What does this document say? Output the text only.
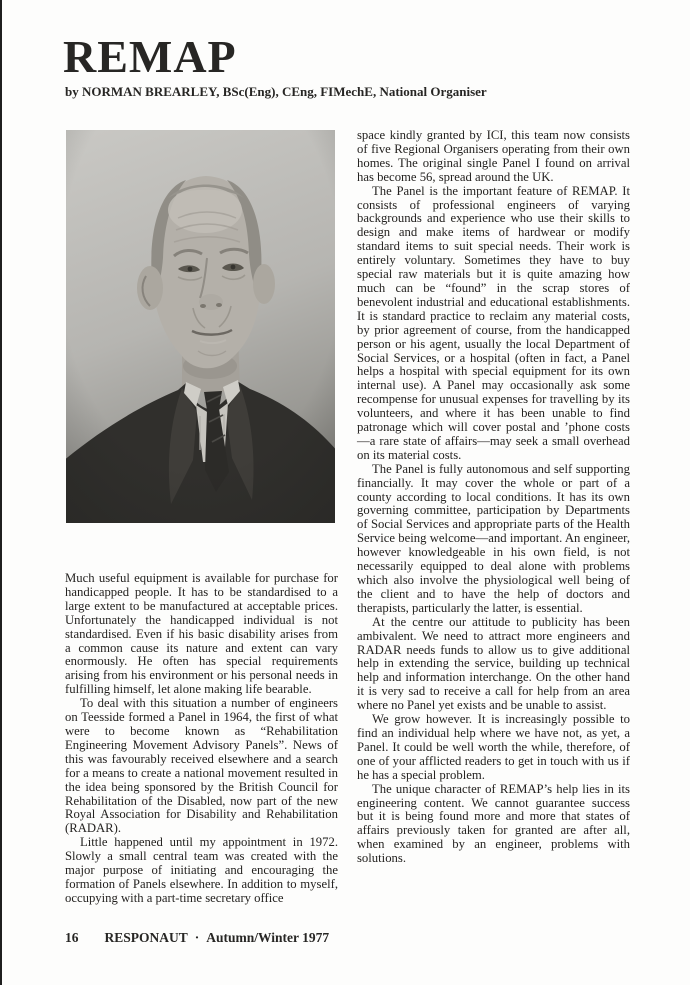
REMAP
by NORMAN BREARLEY, BSc(Eng), CEng, FIMechE, National Organiser

Much useful equipment is available for purchase for handicapped people. It has to be standardised to a large extent to be manufactured at acceptable prices. Unfortunately the handicapped individual is not standardised. Even if his basic disability arises from a common cause its nature and extent can vary enormously. He often has special requirements arising from his environment or his personal needs in fulfilling himself, let alone making life bearable.

To deal with this situation a number of engineers on Teesside formed a Panel in 1964, the first of what were to become known as “Rehabilitation Engineering Movement Advisory Panels”. News of this was favourably received elsewhere and a search for a means to create a national movement resulted in the idea being sponsored by the British Council for Rehabilitation of the Disabled, now part of the new Royal Association for Disability and Rehabilitation (RADAR).

Little happened until my appointment in 1972. Slowly a small central team was created with the major purpose of initiating and encouraging the formation of Panels elsewhere. In addition to myself, occupying with a part-time secretary office

space kindly granted by ICI, this team now consists of five Regional Organisers operating from their own homes. The original single Panel I found on arrival has become 56, spread around the UK.

The Panel is the important feature of REMAP. It consists of professional engineers of varying backgrounds and experience who use their skills to design and make items of hardwear or modify standard items to suit special needs. Their work is entirely voluntary. Sometimes they have to buy special raw materials but it is quite amazing how much can be “found” in the scrap stores of benevolent industrial and educational establishments. It is standard practice to reclaim any material costs, by prior agreement of course, from the handicapped person or his agent, usually the local Department of Social Services, or a hospital (often in fact, a Panel helps a hospital with special equipment for its own internal use). A Panel may occasionally ask some recompense for unusual expenses for travelling by its volunteers, and where it has been unable to find patronage which will cover postal and ’phone costs—a rare state of affairs—may seek a small overhead on its material costs.

The Panel is fully autonomous and self supporting financially. It may cover the whole or part of a county according to local conditions. It has its own governing committee, participation by Departments of Social Services and appropriate parts of the Health Service being welcome—and important. An engineer, however knowledgeable in his own field, is not necessarily equipped to deal alone with problems which also involve the physiological well being of the client and to have the help of doctors and therapists, particularly the latter, is essential.

At the centre our attitude to publicity has been ambivalent. We need to attract more engineers and RADAR needs funds to allow us to give additional help in extending the service, building up technical help and information interchange. On the other hand it is very sad to receive a call for help from an area where no Panel yet exists and be unable to assist.

We grow however. It is increasingly possible to find an individual help where we have not, as yet, a Panel. It could be well worth the while, therefore, of one of your afflicted readers to get in touch with us if he has a special problem.

The unique character of REMAP’s help lies in its engineering content. We cannot guarantee success but it is being found more and more that states of affairs previously taken for granted are after all, when examined by an engineer, problems with solutions.

16 RESPONAUT · Autumn/Winter 1977
